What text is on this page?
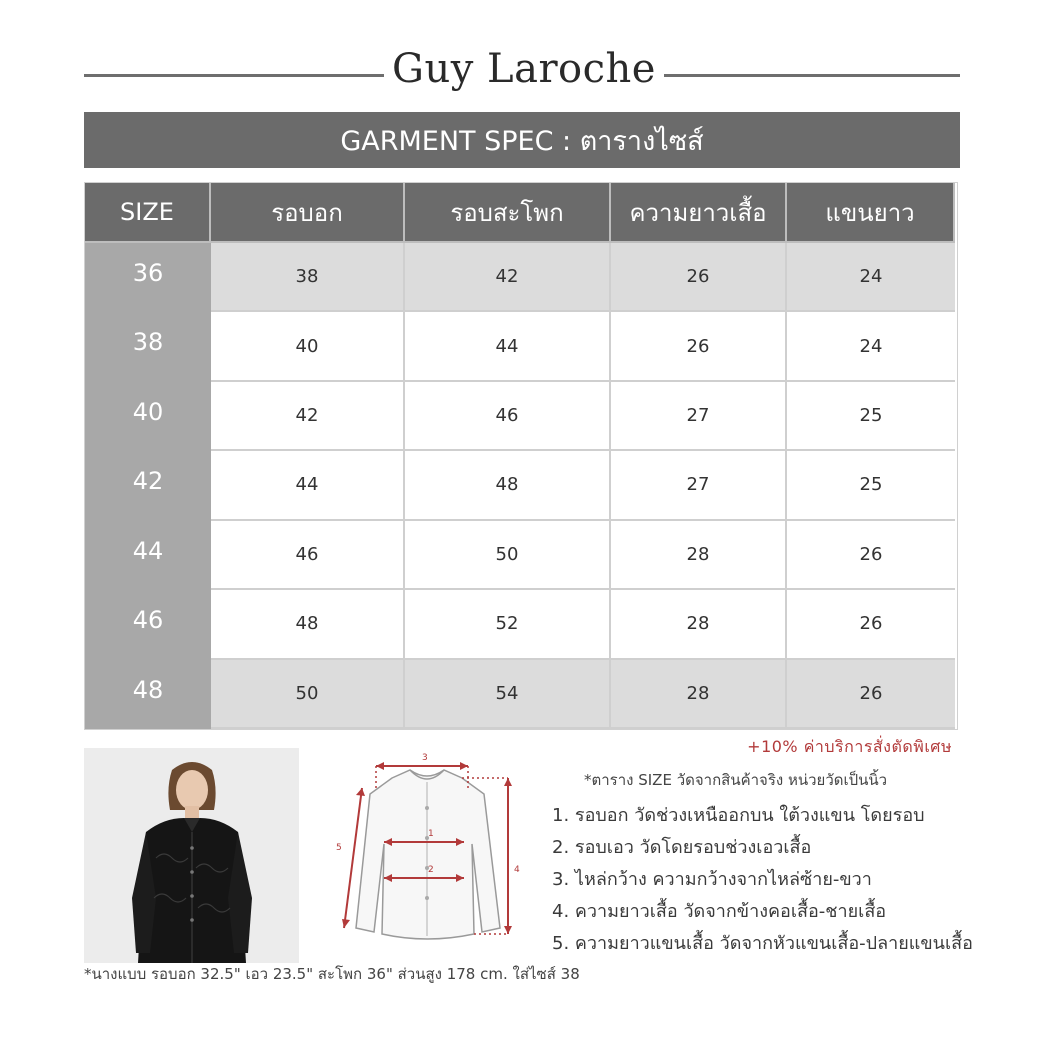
Guy Laroche
GARMENT SPEC : ตารางไซส์
SIZE	รอบอก	รอบสะโพก	ความยาวเสื้อ	แขนยาว
36	38	42	26	24
38	40	44	26	24
40	42	46	27	25
42	44	48	27	25
44	46	50	28	26
46	48	52	28	26
48	50	54	28	26
+10% ค่าบริการสั่งตัดพิเศษ
3
1
2	4
5
*ตาราง SIZE วัดจากสินค้าจริง หน่วยวัดเป็นนิ้ว
1. รอบอก วัดช่วงเหนืออกบน ใต้วงแขน โดยรอบ
2. รอบเอว วัดโดยรอบช่วงเอวเสื้อ
3. ไหล่กว้าง ความกว้างจากไหล่ซ้าย-ขวา
4. ความยาวเสื้อ วัดจากข้างคอเสื้อ-ชายเสื้อ
5. ความยาวแขนเสื้อ วัดจากหัวแขนเสื้อ-ปลายแขนเสื้อ
*นางแบบ รอบอก 32.5" เอว 23.5" สะโพก 36" ส่วนสูง 178 cm. ใส่ไซส์ 38
